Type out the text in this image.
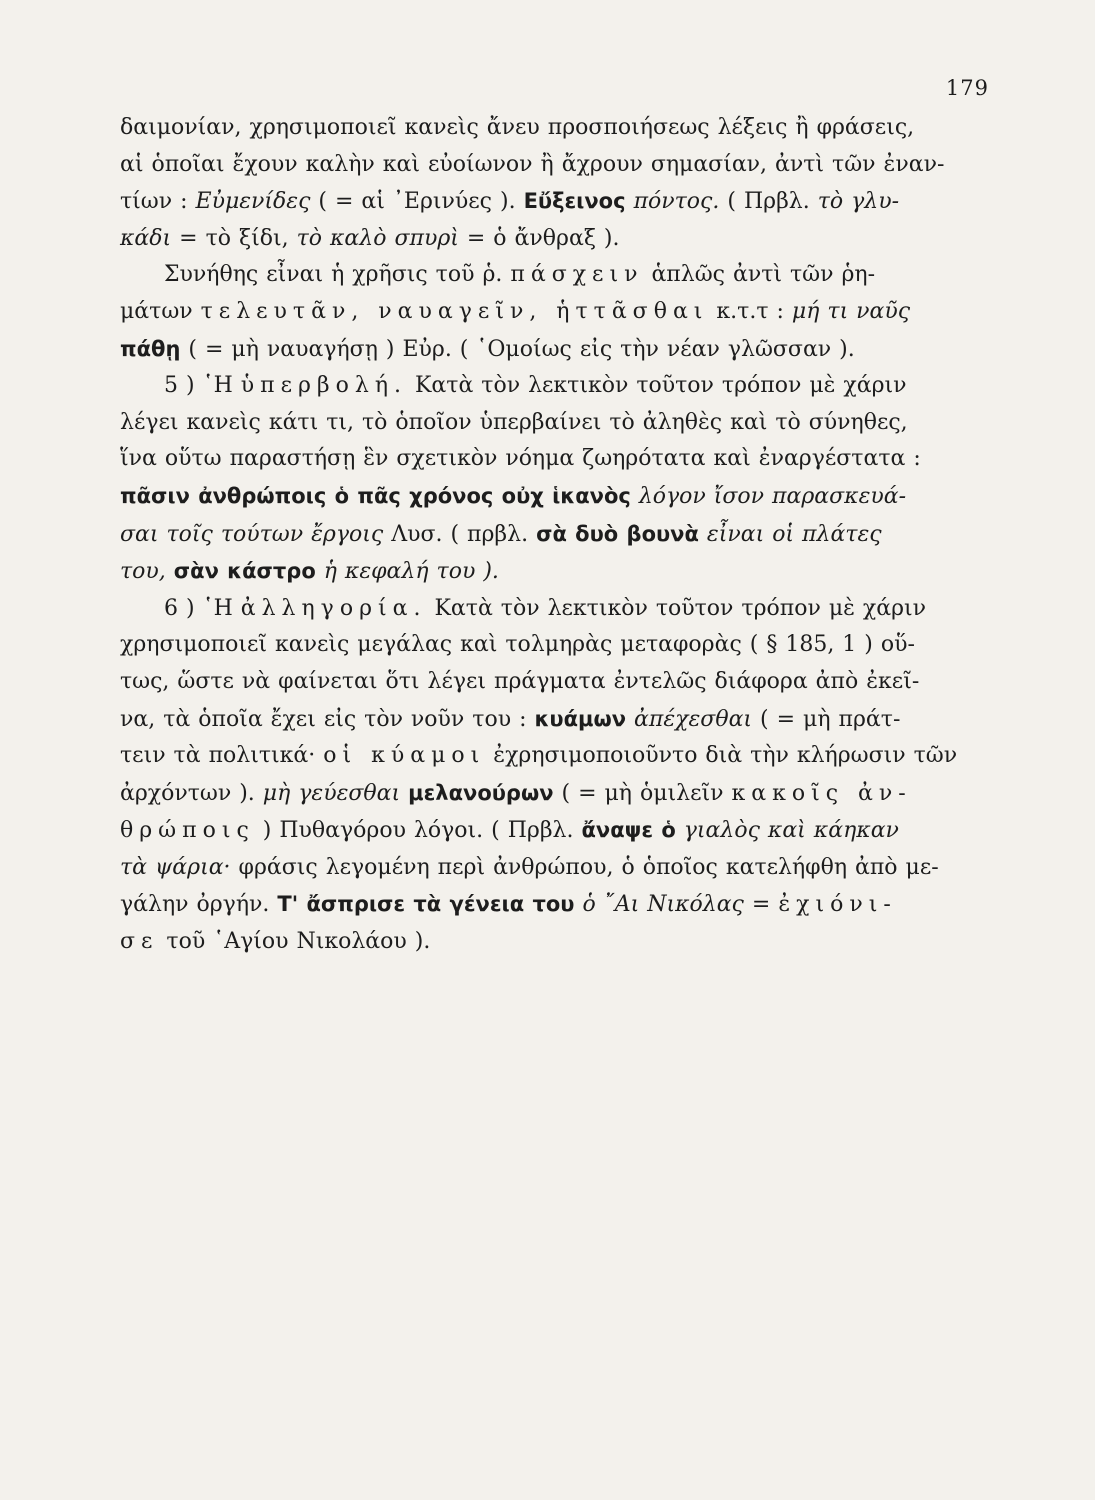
179
δαιμονίαν, χρησιμοποιεῖ κανεὶς ἄνευ προσποιήσεως λέξεις ἢ φράσεις,
αἱ ὁποῖαι ἔχουν καλὴν καὶ εὐοίωνον ἢ ἄχρουν σημασίαν, ἀντὶ τῶν ἐναν-
τίων : Εὐμενίδες ( = αἱ ᾿Ερινύες ). Εὔξεινος πόντος. ( Πρβλ. τὸ γλυ-
κάδι = τὸ ξίδι, τὸ καλὸ σπυρὶ = ὁ ἄνθραξ ).
Συνήθης εἶναι ἡ χρῆσις τοῦ ῥ. πάσχειν ἁπλῶς ἀντὶ τῶν ῥη-
μάτων τελευτᾶν, ναυαγεῖν, ἡττᾶσθαι κ.τ.τ : μή τι ναῦς
πάθῃ ( = μὴ ναυαγήσῃ ) Εὐρ. ( ῾Ομοίως εἰς τὴν νέαν γλῶσσαν ).
5 ) ῾Η ὑπερβολή. Κατὰ τὸν λεκτικὸν τοῦτον τρόπον μὲ χάριν
λέγει κανεὶς κάτι τι, τὸ ὁποῖον ὑπερβαίνει τὸ ἀληθὲς καὶ τὸ σύνηθες,
ἵνα οὕτω παραστήσῃ ἓν σχετικὸν νόημα ζωηρότατα καὶ ἐναργέστατα :
πᾶσιν ἀνθρώποις ὁ πᾶς χρόνος οὐχ ἱκανὸς λόγον ἴσον παρασκευά-
σαι τοῖς τούτων ἔργοις Λυσ. ( πρβλ. σὰ δυὸ βουνὰ εἶναι οἱ πλάτες
του, σὰν κάστρο ἡ κεφαλή του ).
6 ) ῾Η ἀλληγορία. Κατὰ τὸν λεκτικὸν τοῦτον τρόπον μὲ χάριν
χρησιμοποιεῖ κανεὶς μεγάλας καὶ τολμηρὰς μεταφορὰς ( § 185, 1 ) οὕ-
τως, ὥστε νὰ φαίνεται ὅτι λέγει πράγματα ἐντελῶς διάφορα ἀπὸ ἐκεῖ-
να, τὰ ὁποῖα ἔχει εἰς τὸν νοῦν του : κυάμων ἀπέχεσθαι ( = μὴ πράτ-
τειν τὰ πολιτικά· οἱ κύαμοι ἐχρησιμοποιοῦντο διὰ τὴν κλήρωσιν τῶν
ἀρχόντων ). μὴ γεύεσθαι μελανούρων ( = μὴ ὁμιλεῖν κακοῖς ἀν-
θρώποις ) Πυθαγόρου λόγοι. ( Πρβλ. ἄναψε ὁ γιαλὸς καὶ κάηκαν
τὰ ψάρια· φράσις λεγομένη περὶ ἀνθρώπου, ὁ ὁποῖος κατελήφθη ἀπὸ με-
γάλην ὀργήν. Τ' ἄσπρισε τὰ γένεια του ὁ ῎Αι Νικόλας = ἐχιόνι-
σε τοῦ ῾Αγίου Νικολάου ).
